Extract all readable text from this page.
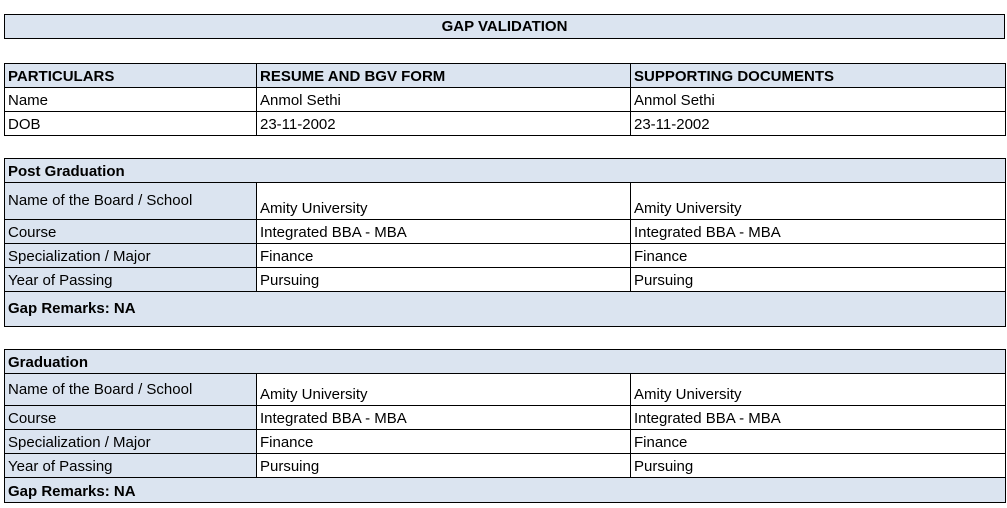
GAP VALIDATION
PARTICULARS	RESUME AND BGV FORM	SUPPORTING DOCUMENTS
Name	Anmol Sethi	Anmol Sethi
DOB	23-11-2002	23-11-2002
Post Graduation		
Name of the Board / School	Amity University	Amity University
Course	Integrated BBA - MBA	Integrated BBA - MBA
Specialization / Major	Finance	Finance
Year of Passing	Pursuing	Pursuing
Gap Remarks: NA		
Graduation		
Name of the Board / School	Amity University	Amity University
Course	Integrated BBA - MBA	Integrated BBA - MBA
Specialization / Major	Finance	Finance
Year of Passing	Pursuing	Pursuing
Gap Remarks: NA		
